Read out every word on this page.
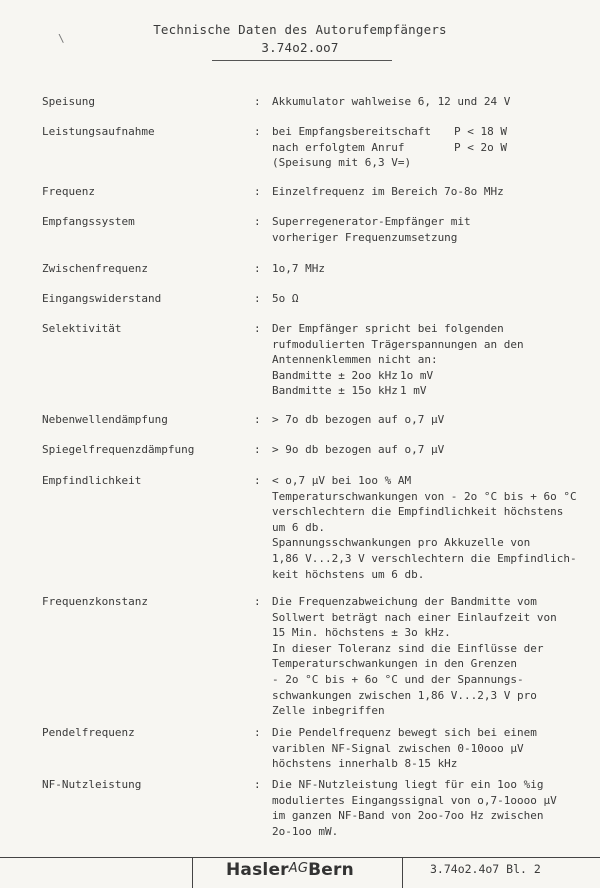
\
Technische Daten des Autorufempfängers
3.74o2.oo7
Speisung	: Akkumulator wahlweise 6, 12 und 24 V
Leistungsaufnahme	: bei Empfangsbereitschaft P < 18 W
nach erfolgtem Anruf	P < 2o W
(Speisung mit 6,3 V=)
Frequenz	: Einzelfrequenz im Bereich 7o-8o MHz
Empfangssystem	: Superregenerator-Empfänger mit
vorheriger Frequenzumsetzung
Zwischenfrequenz	: 1o,7 MHz
Eingangswiderstand	: 5o Ω
Selektivität	: Der Empfänger spricht bei folgenden
rufmodulierten Trägerspannungen an den
Antennenklemmen nicht an:
Bandmitte ± 2oo kHz 1o mV
Bandmitte ± 15o kHz 1 mV
Nebenwellendämpfung	: > 7o db bezogen auf o,7 µV
Spiegelfrequenzdämpfung	: > 9o db bezogen auf o,7 µV
Empfindlichkeit	: < o,7 µV bei 1oo % AM
Temperaturschwankungen von - 2o °C bis + 6o °C
verschlechtern die Empfindlichkeit höchstens
um 6 db.
Spannungsschwankungen pro Akkuzelle von
1,86 V...2,3 V verschlechtern die Empfindlich-
keit höchstens um 6 db.
Frequenzkonstanz	: Die Frequenzabweichung der Bandmitte vom
Sollwert beträgt nach einer Einlaufzeit von
15 Min. höchstens ± 3o kHz.
In dieser Toleranz sind die Einflüsse der
Temperaturschwankungen in den Grenzen
- 2o °C bis + 6o °C und der Spannungs-
schwankungen zwischen 1,86 V...2,3 V pro
Zelle inbegriffen
Pendelfrequenz	: Die Pendelfrequenz bewegt sich bei einem
variblen NF-Signal zwischen 0-10ooo µV
höchstens innerhalb 8-15 kHz
NF-Nutzleistung	: Die NF-Nutzleistung liegt für ein 1oo %ig
moduliertes Eingangssignal von o,7-1oooo µV
im ganzen NF-Band von 2oo-7oo Hz zwischen
2o-1oo mW.
HaslerAGBern	3.74o2.4o7 Bl. 2
